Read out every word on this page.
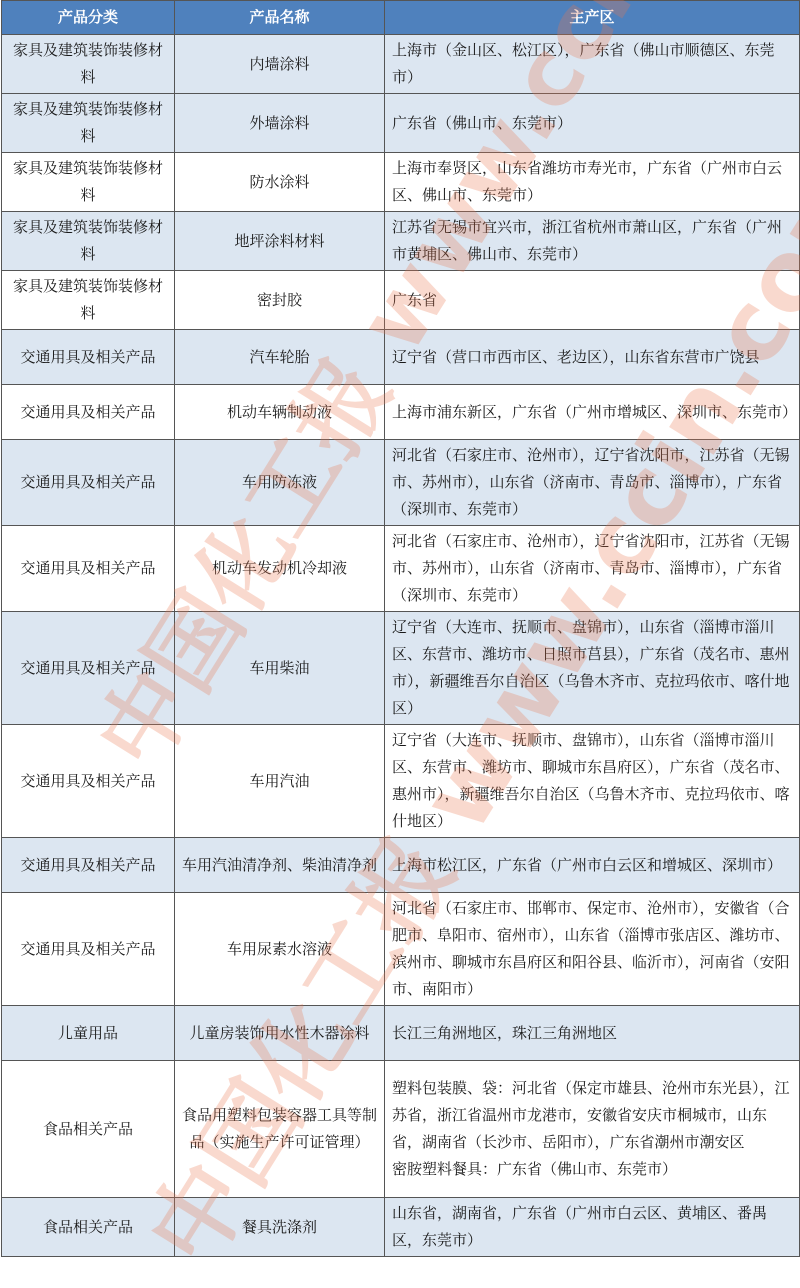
产品分类	产品名称	主产区
家具及建筑装饰装修材料	内墙涂料	上海市（金山区、松江区），广东省（佛山市顺德区、东莞市）
家具及建筑装饰装修材料	外墙涂料	广东省（佛山市、东莞市）
家具及建筑装饰装修材料	防水涂料	上海市奉贤区，山东省潍坊市寿光市，广东省（广州市白云区、佛山市、东莞市）
家具及建筑装饰装修材料	地坪涂料材料	江苏省无锡市宜兴市，浙江省杭州市萧山区，广东省（广州市黄埔区、佛山市、东莞市）
家具及建筑装饰装修材料	密封胶	广东省
交通用具及相关产品	汽车轮胎	辽宁省（营口市西市区、老边区），山东省东营市广饶县
交通用具及相关产品	机动车辆制动液	上海市浦东新区，广东省（广州市增城区、深圳市、东莞市）
交通用具及相关产品	车用防冻液	河北省（石家庄市、沧州市），辽宁省沈阳市，江苏省（无锡市、苏州市），山东省（济南市、青岛市、淄博市），广东省（深圳市、东莞市）
交通用具及相关产品	机动车发动机冷却液	河北省（石家庄市、沧州市），辽宁省沈阳市，江苏省（无锡市、苏州市），山东省（济南市、青岛市、淄博市），广东省（深圳市、东莞市）
交通用具及相关产品	车用柴油	辽宁省（大连市、抚顺市、盘锦市），山东省（淄博市淄川区、东营市、潍坊市、日照市莒县），广东省（茂名市、惠州市），新疆维吾尔自治区（乌鲁木齐市、克拉玛依市、喀什地区）
交通用具及相关产品	车用汽油	辽宁省（大连市、抚顺市、盘锦市），山东省（淄博市淄川区、东营市、潍坊市、聊城市东昌府区），广东省（茂名市、惠州市），新疆维吾尔自治区（乌鲁木齐市、克拉玛依市、喀什地区）
交通用具及相关产品	车用汽油清净剂、柴油清净剂	上海市松江区，广东省（广州市白云区和增城区、深圳市）
交通用具及相关产品	车用尿素水溶液	河北省（石家庄市、邯郸市、保定市、沧州市），安徽省（合肥市、阜阳市、宿州市），山东省（淄博市张店区、潍坊市、滨州市、聊城市东昌府区和阳谷县、临沂市），河南省（安阳市、南阳市）
儿童用品	儿童房装饰用水性木器涂料	长江三角洲地区，珠江三角洲地区
食品相关产品	食品用塑料包装容器工具等制品（实施生产许可证管理）	塑料包装膜、袋：河北省（保定市雄县、沧州市东光县），江苏省，浙江省温州市龙港市，安徽省安庆市桐城市，山东省，湖南省（长沙市、岳阳市），广东省潮州市潮安区
密胺塑料餐具：广东省（佛山市、东莞市）
食品相关产品	餐具洗涤剂	山东省，湖南省，广东省（广州市白云区、黄埔区、番禺区，东莞市）
中国化工报
中国化工报
